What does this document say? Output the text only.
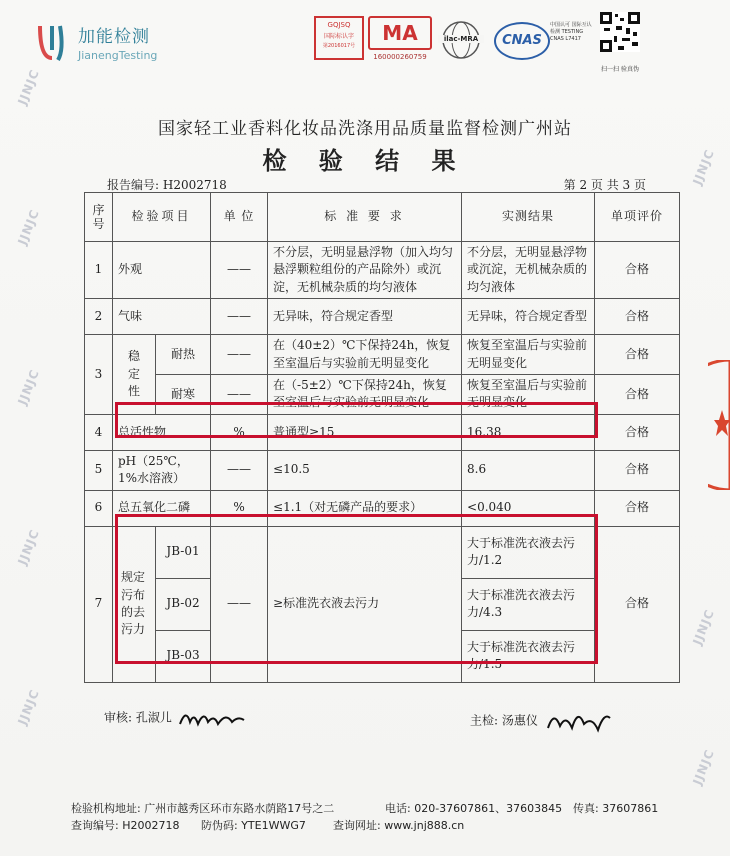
JJNJC
JJNJC
JJNJC
JJNJC
JJNJC
JJNJC
JJNJC
JJNJC
加能检测
JianengTesting
GQJSQ
国际标认字
第2016017号
MA
160000260759
ilac-MRA	CNAS
中国认可 国际互认 检测 TESTING CNAS L7417
扫一扫 验真伪
国家轻工业香料化妆品洗涤用品质量监督检测广州站
检 验 结 果
报告编号: H2002718	第 2 页 共 3 页
序号	检验项目		单 位	标 准 要 求	实测结果	单项评价
1	外观		——	不分层，无明显悬浮物（加入均匀悬浮颗粒组份的产品除外）或沉淀，无机械杂质的均匀液体	不分层，无明显悬浮物或沉淀，无机械杂质的均匀液体	合格
2	气味		——	无异味，符合规定香型	无异味，符合规定香型	合格
3	稳定性	耐热	——	在（40±2）℃下保持24h，恢复至室温后与实验前无明显变化	恢复至室温后与实验前无明显变化	合格
		耐寒	——	在（-5±2）℃下保持24h，恢复至室温后与实验前无明显变化	恢复至室温后与实验前无明显变化	合格
4	总活性物		%	普通型≥15	16.38	合格
5	pH（25℃，1%水溶液）		——	≤10.5	8.6	合格
6	总五氧化二磷		%	≤1.1（对无磷产品的要求）	<0.040	合格
7	规定污布的去污力	JB-01	——	≥标准洗衣液去污力	大于标准洗衣液去污力/1.2	合格
		JB-02			大于标准洗衣液去污力/4.3	
		JB-03			大于标准洗衣液去污力/1.5	
审核: 孔淑儿	主检: 汤惠仪
检验机构地址: 广州市越秀区环市东路水荫路17号之二	电话: 020-37607861、37603845 传真: 37607861
查询编号: H2002718 防伪码: YTE1WWG7 查询网址: www.jnj888.cn
